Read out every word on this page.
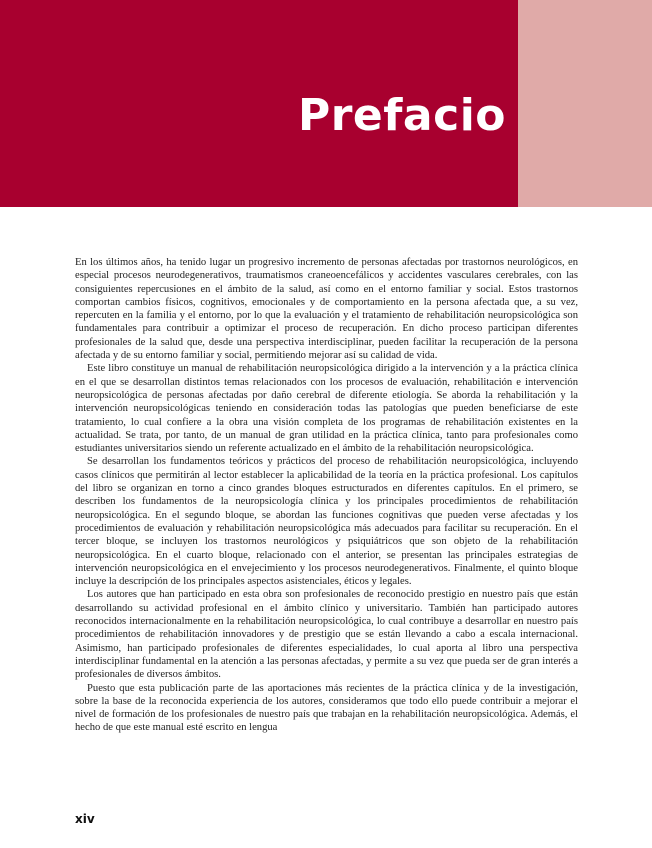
Prefacio

En los últimos años, ha tenido lugar un progresivo incremento de personas afectadas por trastornos neurológicos, en especial procesos neurodegenerativos, traumatismos craneoencefálicos y accidentes vasculares cerebrales, con las consiguientes repercusiones en el ámbito de la salud, así como en el entorno familiar y social. Estos trastornos comportan cambios físicos, cognitivos, emocionales y de comportamiento en la persona afectada que, a su vez, repercuten en la familia y el entorno, por lo que la evaluación y el tratamiento de rehabilitación neuropsicológica son fundamentales para contribuir a optimizar el proceso de recuperación. En dicho proceso participan diferentes profesionales de la salud que, desde una perspectiva interdisciplinar, pueden facilitar la recuperación de la persona afectada y de su entorno familiar y social, permitiendo mejorar así su calidad de vida.

Este libro constituye un manual de rehabilitación neuropsicológica dirigido a la intervención y a la práctica clínica en el que se desarrollan distintos temas relacionados con los procesos de evaluación, rehabilitación e intervención neuropsicológica de personas afectadas por daño cerebral de diferente etiología. Se aborda la rehabilitación y la intervención neuropsicológicas teniendo en consideración todas las patologías que pueden beneficiarse de este tratamiento, lo cual confiere a la obra una visión completa de los programas de rehabilitación existentes en la actualidad. Se trata, por tanto, de un manual de gran utilidad en la práctica clínica, tanto para profesionales como estudiantes universitarios siendo un referente actualizado en el ámbito de la rehabilitación neuropsicológica.

Se desarrollan los fundamentos teóricos y prácticos del proceso de rehabilitación neuropsicológica, incluyendo casos clínicos que permitirán al lector establecer la aplicabilidad de la teoría en la práctica profesional. Los capítulos del libro se organizan en torno a cinco grandes bloques estructurados en diferentes capítulos. En el primero, se describen los fundamentos de la neuropsicología clínica y los principales procedimientos de rehabilitación neuropsicológica. En el segundo bloque, se abordan las funciones cognitivas que pueden verse afectadas y los procedimientos de evaluación y rehabilitación neuropsicológica más adecuados para facilitar su recuperación. En el tercer bloque, se incluyen los trastornos neurológicos y psiquiátricos que son objeto de la rehabilitación neuropsicológica. En el cuarto bloque, relacionado con el anterior, se presentan las principales estrategias de intervención neuropsicológica en el envejecimiento y los procesos neurodegenerativos. Finalmente, el quinto bloque incluye la descripción de los principales aspectos asistenciales, éticos y legales.

Los autores que han participado en esta obra son profesionales de reconocido prestigio en nuestro país que están desarrollando su actividad profesional en el ámbito clínico y universitario. También han participado autores reconocidos internacionalmente en la rehabilitación neuropsicológica, lo cual contribuye a desarrollar en nuestro país procedimientos de rehabilitación innovadores y de prestigio que se están llevando a cabo a escala internacional. Asimismo, han participado profesionales de diferentes especialidades, lo cual aporta al libro una perspectiva interdisciplinar fundamental en la atención a las personas afectadas, y permite a su vez que pueda ser de gran interés a profesionales de diversos ámbitos.

Puesto que esta publicación parte de las aportaciones más recientes de la práctica clínica y de la investigación, sobre la base de la reconocida experiencia de los autores, consideramos que todo ello puede contribuir a mejorar el nivel de formación de los profesionales de nuestro país que trabajan en la rehabilitación neuropsicológica. Además, el hecho de que este manual esté escrito en lengua

xiv
